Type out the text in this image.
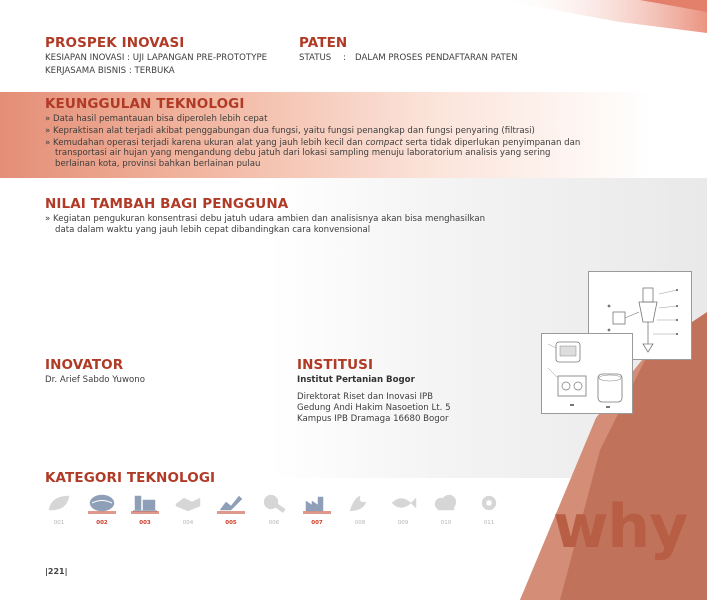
PROSPEK INOVASI
KESIAPAN INOVASI : UJI LAPANGAN PRE-PROTOTYPE
KERJASAMA BISNIS : TERBUKA
PATEN
STATUS : DALAM PROSES PENDAFTARAN PATEN
KEUNGGULAN TEKNOLOGI
» Data hasil pemantauan bisa diperoleh lebih cepat
» Kepraktisan alat terjadi akibat penggabungan dua fungsi, yaitu fungsi penangkap dan fungsi penyaring (filtrasi)
» Kemudahan operasi terjadi karena ukuran alat yang jauh lebih kecil dan compact serta tidak diperlukan penyimpanan dan
transportasi air hujan yang mengandung debu jatuh dari lokasi sampling menuju laboratorium analisis yang sering
berlainan kota, provinsi bahkan berlainan pulau
NILAI TAMBAH BAGI PENGGUNA
» Kegiatan pengukuran konsentrasi debu jatuh udara ambien dan analisisnya akan bisa menghasilkan
data dalam waktu yang jauh lebih cepat dibandingkan cara konvensional
INOVATOR
Dr. Arief Sabdo Yuwono
INSTITUSI
Institut Pertanian Bogor
Direktorat Riset dan Inovasi IPB
Gedung Andi Hakim Nasoetion Lt. 5
Kampus IPB Dramaga 16680 Bogor
KATEGORI TEKNOLOGI
001	002	003	004	005	006	007	008	009	010	011
|221|
why
